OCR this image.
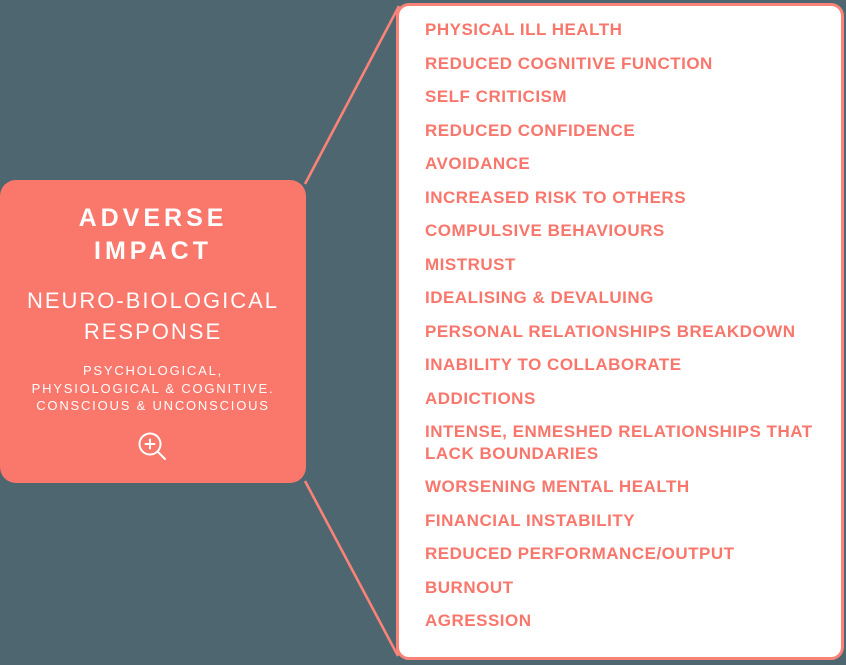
ADVERSE IMPACT
NEURO-BIOLOGICAL RESPONSE
PSYCHOLOGICAL,
PHYSIOLOGICAL & COGNITIVE.
CONSCIOUS & UNCONSCIOUS
PHYSICAL ILL HEALTH
REDUCED COGNITIVE FUNCTION
SELF CRITICISM
REDUCED CONFIDENCE
AVOIDANCE
INCREASED RISK TO OTHERS
COMPULSIVE BEHAVIOURS
MISTRUST
IDEALISING & DEVALUING
PERSONAL RELATIONSHIPS BREAKDOWN
INABILITY TO COLLABORATE
ADDICTIONS
INTENSE, ENMESHED RELATIONSHIPS THAT LACK BOUNDARIES
WORSENING MENTAL HEALTH
FINANCIAL INSTABILITY
REDUCED PERFORMANCE/OUTPUT
BURNOUT
AGRESSION
